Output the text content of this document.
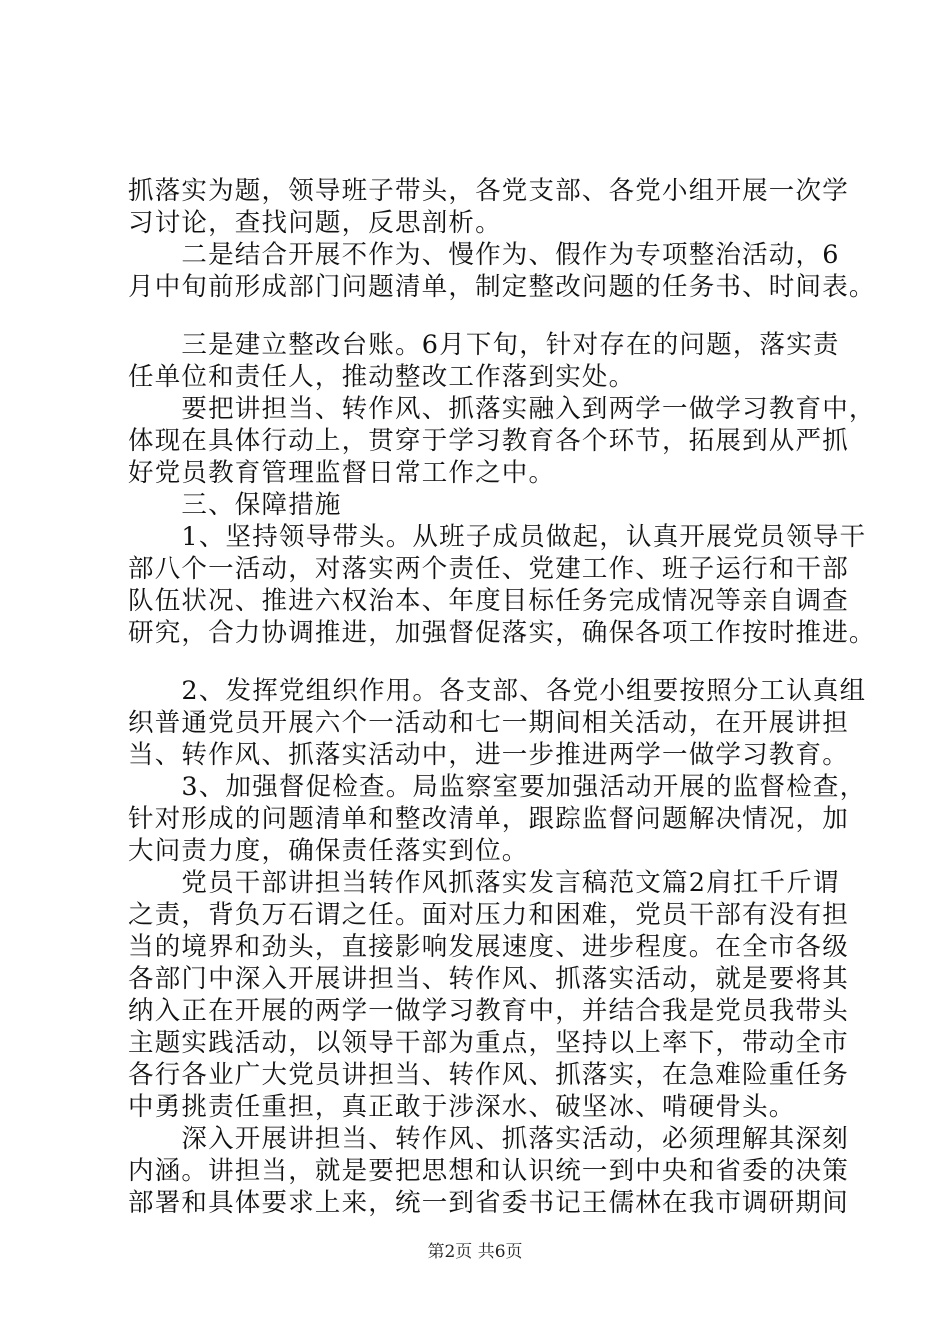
抓落实为题，领导班子带头，各党支部、各党小组开展一次学
习讨论，查找问题，反思剖析。
　　二是结合开展不作为、慢作为、假作为专项整治活动，6
月中旬前形成部门问题清单，制定整改问题的任务书、时间表。
　　三是建立整改台账。6月下旬，针对存在的问题，落实责
任单位和责任人，推动整改工作落到实处。
　　要把讲担当、转作风、抓落实融入到两学一做学习教育中，
体现在具体行动上，贯穿于学习教育各个环节，拓展到从严抓
好党员教育管理监督日常工作之中。
　　三、保障措施
　　1、坚持领导带头。从班子成员做起，认真开展党员领导干
部八个一活动，对落实两个责任、党建工作、班子运行和干部
队伍状况、推进六权治本、年度目标任务完成情况等亲自调查
研究，合力协调推进，加强督促落实，确保各项工作按时推进。
　　2、发挥党组织作用。各支部、各党小组要按照分工认真组
织普通党员开展六个一活动和七一期间相关活动，在开展讲担
当、转作风、抓落实活动中，进一步推进两学一做学习教育。
　　3、加强督促检查。局监察室要加强活动开展的监督检查，
针对形成的问题清单和整改清单，跟踪监督问题解决情况，加
大问责力度，确保责任落实到位。
　　党员干部讲担当转作风抓落实发言稿范文篇2肩扛千斤谓
之责，背负万石谓之任。面对压力和困难，党员干部有没有担
当的境界和劲头，直接影响发展速度、进步程度。在全市各级
各部门中深入开展讲担当、转作风、抓落实活动，就是要将其
纳入正在开展的两学一做学习教育中，并结合我是党员我带头
主题实践活动，以领导干部为重点，坚持以上率下，带动全市
各行各业广大党员讲担当、转作风、抓落实，在急难险重任务
中勇挑责任重担，真正敢于涉深水、破坚冰、啃硬骨头。
　　深入开展讲担当、转作风、抓落实活动，必须理解其深刻
内涵。讲担当，就是要把思想和认识统一到中央和省委的决策
部署和具体要求上来，统一到省委书记王儒林在我市调研期间
第2页 共6页
